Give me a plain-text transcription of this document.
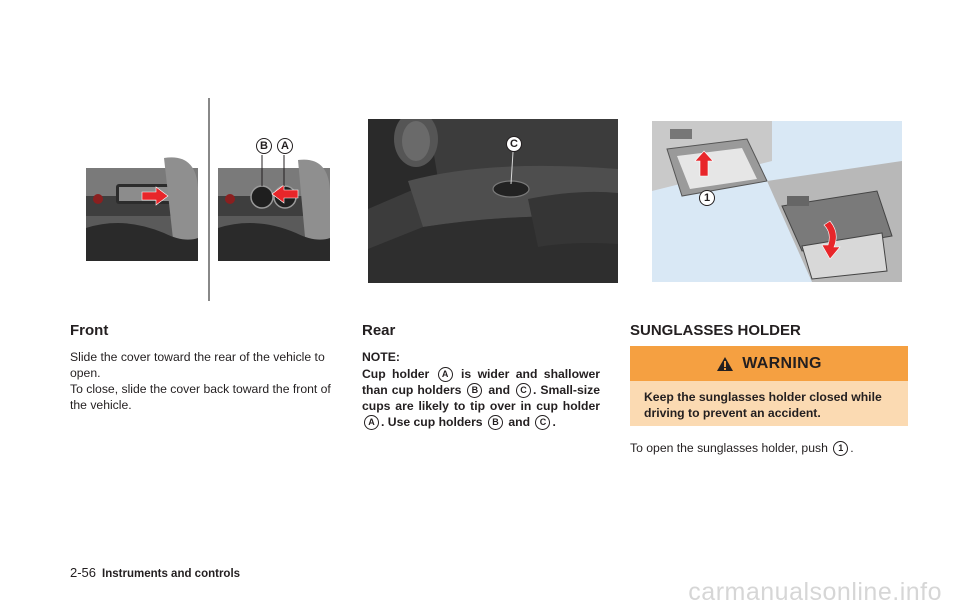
B	A	C
1
Front

Slide the cover toward the rear of the vehicle to open.

To close, slide the cover back toward the front of the vehicle.

Rear
NOTE:

Cup holder A is wider and shallower than cup holders B and C . Small-size cups are likely to tip over in cup holder A . Use cup holders B and C .

SUNGLASSES HOLDER
WARNING
Keep the sunglasses holder closed while driving to prevent an accident.

To open the sunglasses holder, push 1 .

2-56 Instruments and controls
carmanualsonline.info
